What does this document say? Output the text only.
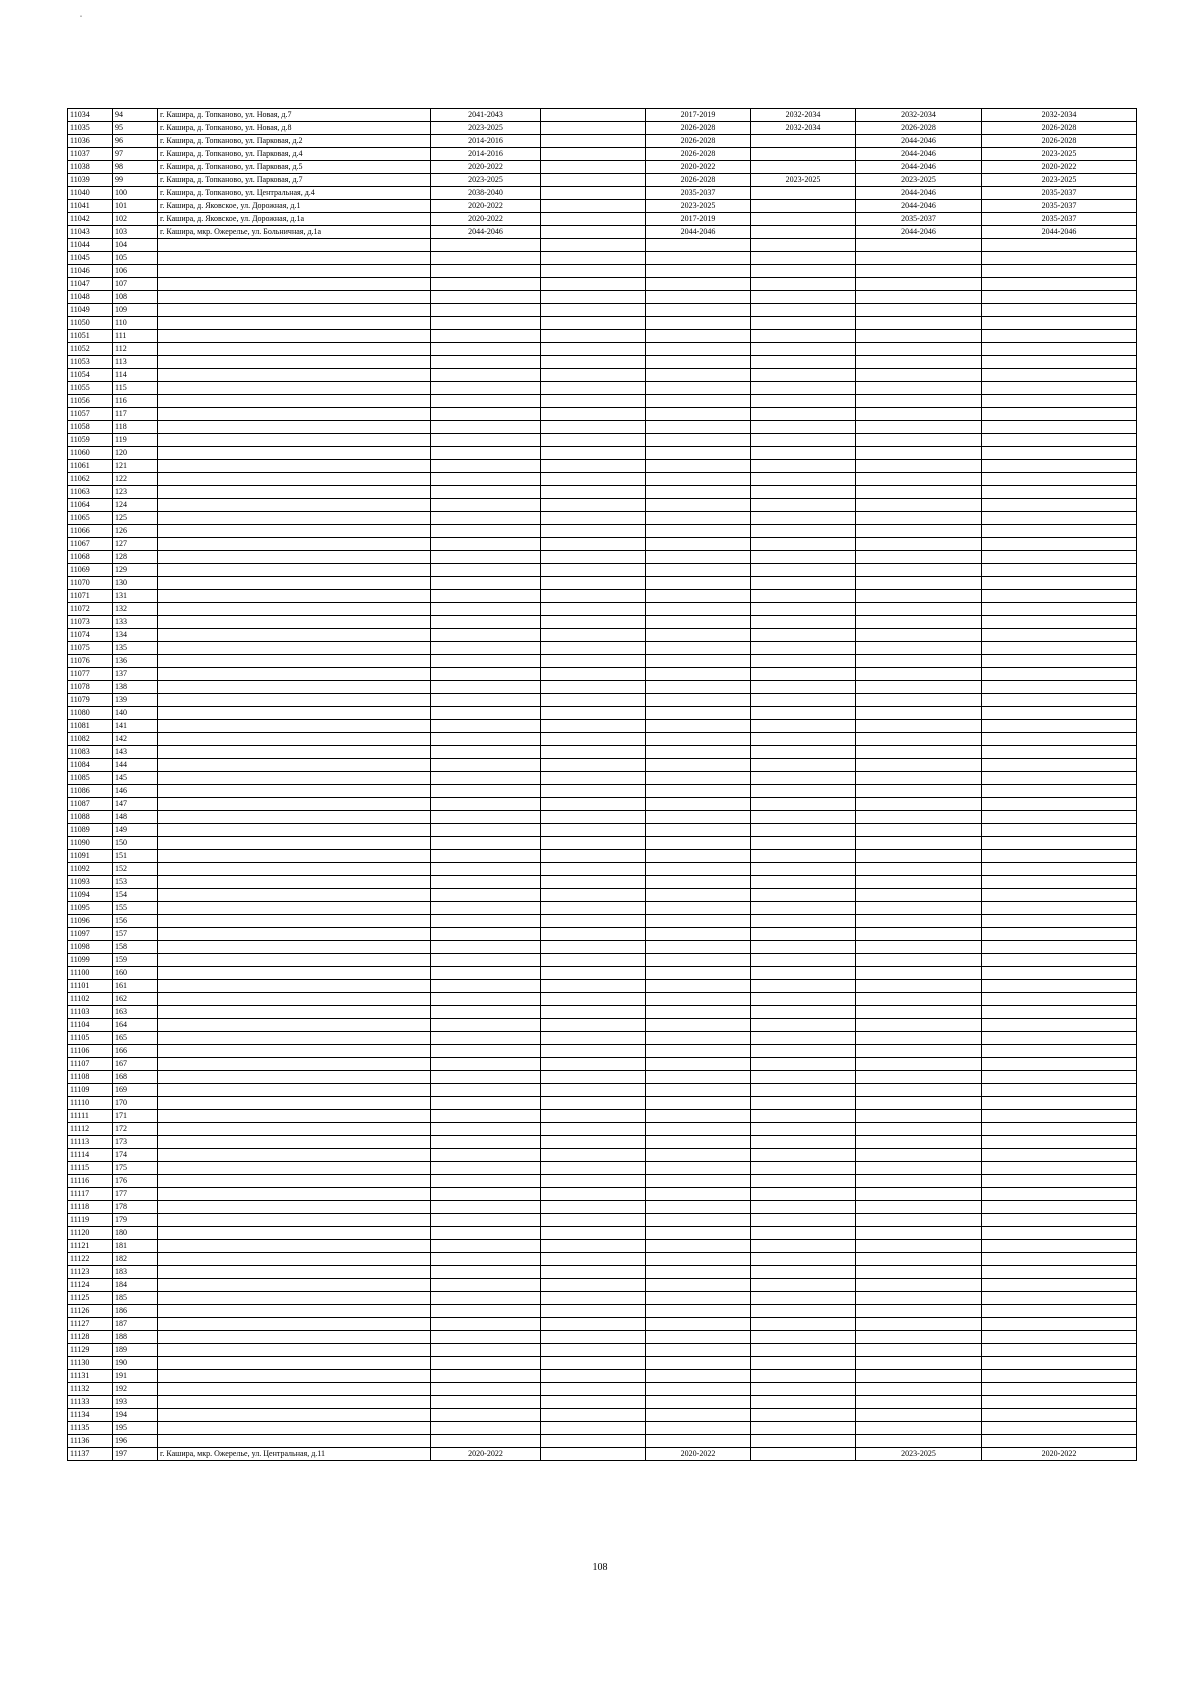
˚
11034	94	г. Кашира, д. Топканово, ул. Новая, д.7	2041-2043		2017-2019	2032-2034	2032-2034	2032-2034
11035	95	г. Кашира, д. Топканово, ул. Новая, д.8	2023-2025		2026-2028	2032-2034	2026-2028	2026-2028
11036	96	г. Кашира, д. Топканово, ул. Парковая, д.2	2014-2016		2026-2028		2044-2046	2026-2028
11037	97	г. Кашира, д. Топканово, ул. Парковая, д.4	2014-2016		2026-2028		2044-2046	2023-2025
11038	98	г. Кашира, д. Топканово, ул. Парковая, д.5	2020-2022		2020-2022		2044-2046	2020-2022
11039	99	г. Кашира, д. Топканово, ул. Парковая, д.7	2023-2025		2026-2028	2023-2025	2023-2025	2023-2025
11040	100	г. Кашира, д. Топканово, ул. Центральная, д.4	2038-2040		2035-2037		2044-2046	2035-2037
11041	101	г. Кашира, д. Яковское, ул. Дорожная, д.1	2020-2022		2023-2025		2044-2046	2035-2037
11042	102	г. Кашира, д. Яковское, ул. Дорожная, д.1а	2020-2022		2017-2019		2035-2037	2035-2037
11043	103	г. Кашира, мкр. Ожерелье, ул. Больничная, д.1а	2044-2046		2044-2046		2044-2046	2044-2046
11044	104							
11045	105							
11046	106							
11047	107							
11048	108							
11049	109							
11050	110							
11051	111							
11052	112							
11053	113							
11054	114							
11055	115							
11056	116							
11057	117							
11058	118							
11059	119							
11060	120							
11061	121							
11062	122							
11063	123							
11064	124							
11065	125							
11066	126							
11067	127							
11068	128							
11069	129							
11070	130							
11071	131							
11072	132							
11073	133							
11074	134							
11075	135							
11076	136							
11077	137							
11078	138							
11079	139							
11080	140							
11081	141							
11082	142							
11083	143							
11084	144							
11085	145							
11086	146							
11087	147							
11088	148							
11089	149							
11090	150							
11091	151							
11092	152							
11093	153							
11094	154							
11095	155							
11096	156							
11097	157							
11098	158							
11099	159							
11100	160							
11101	161							
11102	162							
11103	163							
11104	164							
11105	165							
11106	166							
11107	167							
11108	168							
11109	169							
11110	170							
11111	171							
11112	172							
11113	173							
11114	174							
11115	175							
11116	176							
11117	177							
11118	178							
11119	179							
11120	180							
11121	181							
11122	182							
11123	183							
11124	184							
11125	185							
11126	186							
11127	187							
11128	188							
11129	189							
11130	190							
11131	191							
11132	192							
11133	193							
11134	194							
11135	195							
11136	196							
11137	197	г. Кашира, мкр. Ожерелье, ул. Центральная, д.11	2020-2022		2020-2022		2023-2025	2020-2022
108
